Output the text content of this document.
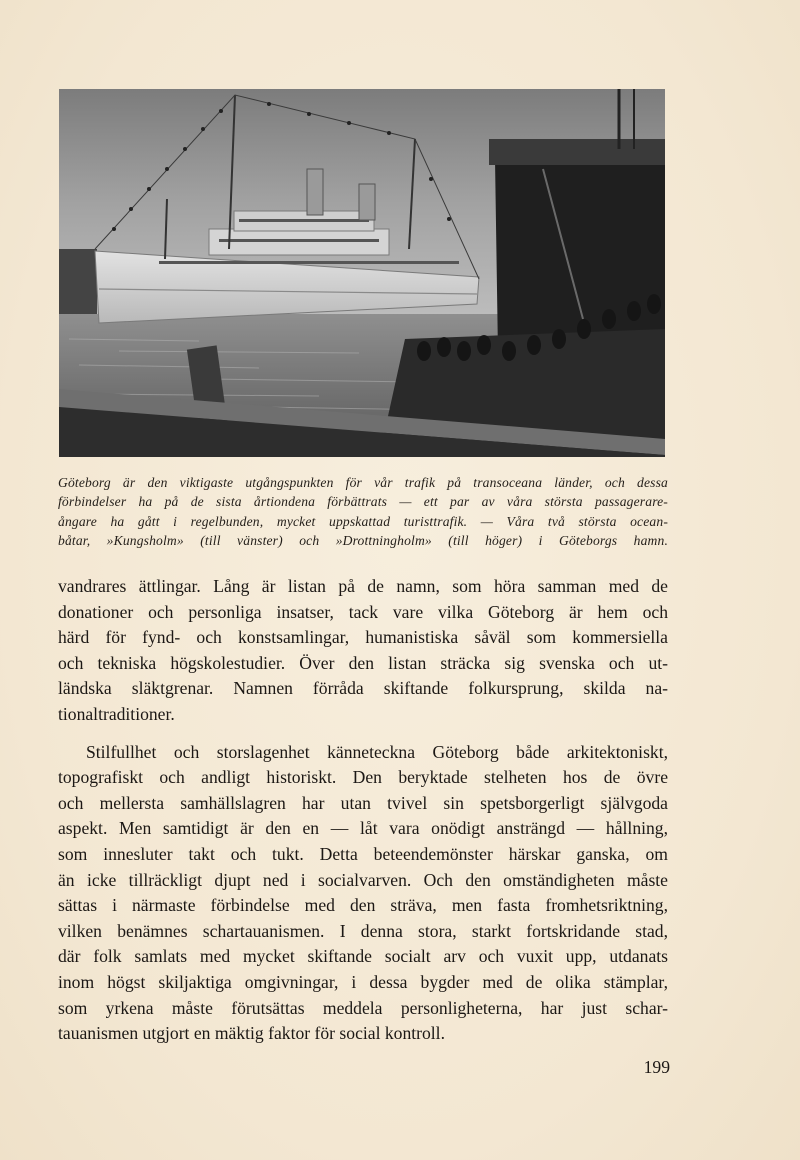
Göteborg är den viktigaste utgångspunkten för vår trafik på transoceana länder, och dessa
förbindelser ha på de sista årtiondena förbättrats — ett par av våra största passagerare-
ångare ha gått i regelbunden, mycket uppskattad turisttrafik. — Våra två största ocean-
båtar, »Kungsholm» (till vänster) och »Drottningholm» (till höger) i Göteborgs hamn.
vandrares ättlingar. Lång är listan på de namn, som höra samman med de
donationer och personliga insatser, tack vare vilka Göteborg är hem och
härd för fynd- och konstsamlingar, humanistiska såväl som kommersiella
och tekniska högskolestudier. Över den listan sträcka sig svenska och ut-
ländska släktgrenar. Namnen förråda skiftande folkursprung, skilda na-
tionaltraditioner.
Stilfullhet och storslagenhet känneteckna Göteborg både arkitektoniskt,
topografiskt och andligt historiskt. Den beryktade stelheten hos de övre
och mellersta samhällslagren har utan tvivel sin spetsborgerligt självgoda
aspekt. Men samtidigt är den en — låt vara onödigt ansträngd — hållning,
som innesluter takt och tukt. Detta beteendemönster härskar ganska, om
än icke tillräckligt djupt ned i socialvarven. Och den omständigheten måste
sättas i närmaste förbindelse med den sträva, men fasta fromhetsriktning,
vilken benämnes schartauanismen. I denna stora, starkt fortskridande stad,
där folk samlats med mycket skiftande socialt arv och vuxit upp, utdanats
inom högst skiljaktiga omgivningar, i dessa bygder med de olika stämplar,
som yrkena måste förutsättas meddela personligheterna, har just schar-
tauanismen utgjort en mäktig faktor för social kontroll.
199
